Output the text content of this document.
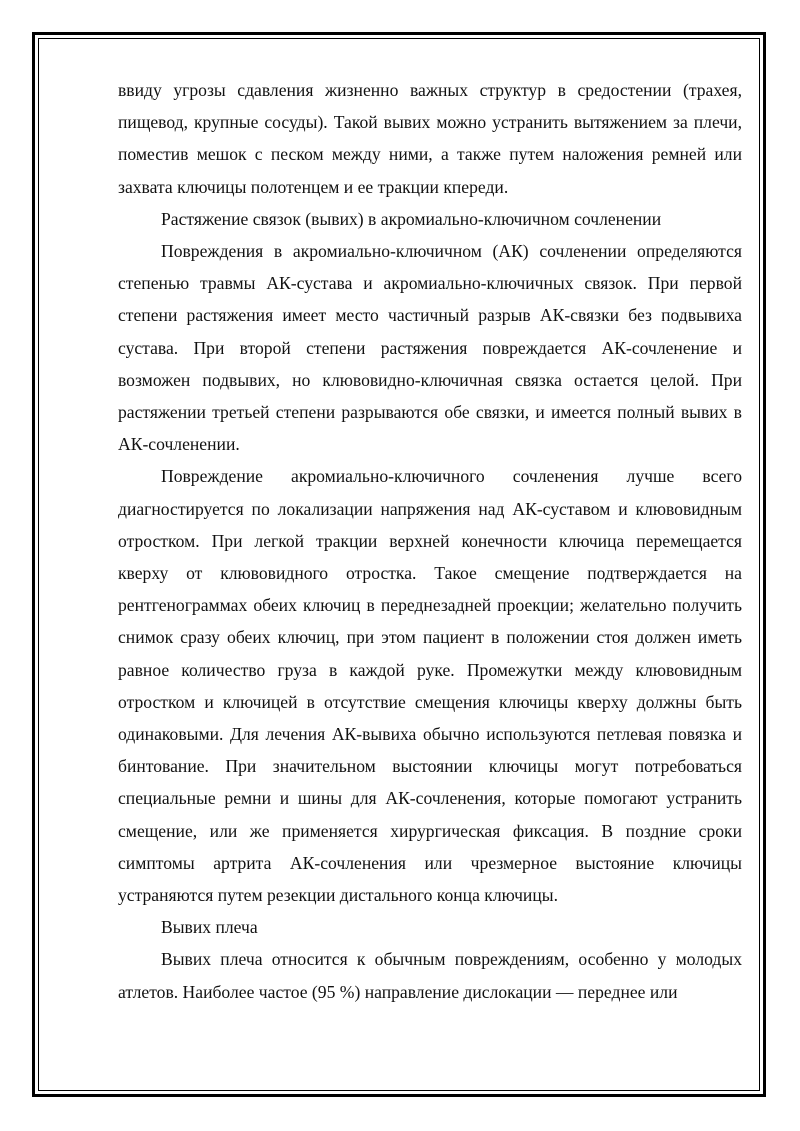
ввиду угрозы сдавления жизненно важных структур в средостении (трахея, пищевод, крупные сосуды). Такой вывих можно устранить вытяжением за плечи, поместив мешок с песком между ними, а также путем наложения ремней или захвата ключицы полотенцем и ее тракции кпереди.

Растяжение связок (вывих) в акромиально-ключичном сочленении

Повреждения в акромиально-ключичном (АК) сочленении определяются степенью травмы АК-сустава и акромиально-ключичных связок. При первой степени растяжения имеет место частичный разрыв АК-связки без подвывиха сустава. При второй степени растяжения повреждается АК-сочленение и возможен подвывих, но клювовидно-ключичная связка остается целой. При растяжении третьей степени разрываются обе связки, и имеется полный вывих в АК-сочленении.

Повреждение акромиально-ключичного сочленения лучше всего диагностируется по локализации напряжения над АК-суставом и клювовидным отростком. При легкой тракции верхней конечности ключица перемещается кверху от клювовидного отростка. Такое смещение подтверждается на рентгенограммах обеих ключиц в переднезадней проекции; желательно получить снимок сразу обеих ключиц, при этом пациент в положении стоя должен иметь равное количество груза в каждой руке. Промежутки между клювовидным отростком и ключицей в отсутствие смещения ключицы кверху должны быть одинаковыми. Для лечения АК-вывиха обычно используются петлевая повязка и бинтование. При значительном выстоянии ключицы могут потребоваться специальные ремни и шины для АК-сочленения, которые помогают устранить смещение, или же применяется хирургическая фиксация. В поздние сроки симптомы артрита АК-сочленения или чрезмерное выстояние ключицы устраняются путем резекции дистального конца ключицы.

Вывих плеча

Вывих плеча относится к обычным повреждениям, особенно у молодых атлетов. Наиболее частое (95 %) направление дислокации — переднее или
